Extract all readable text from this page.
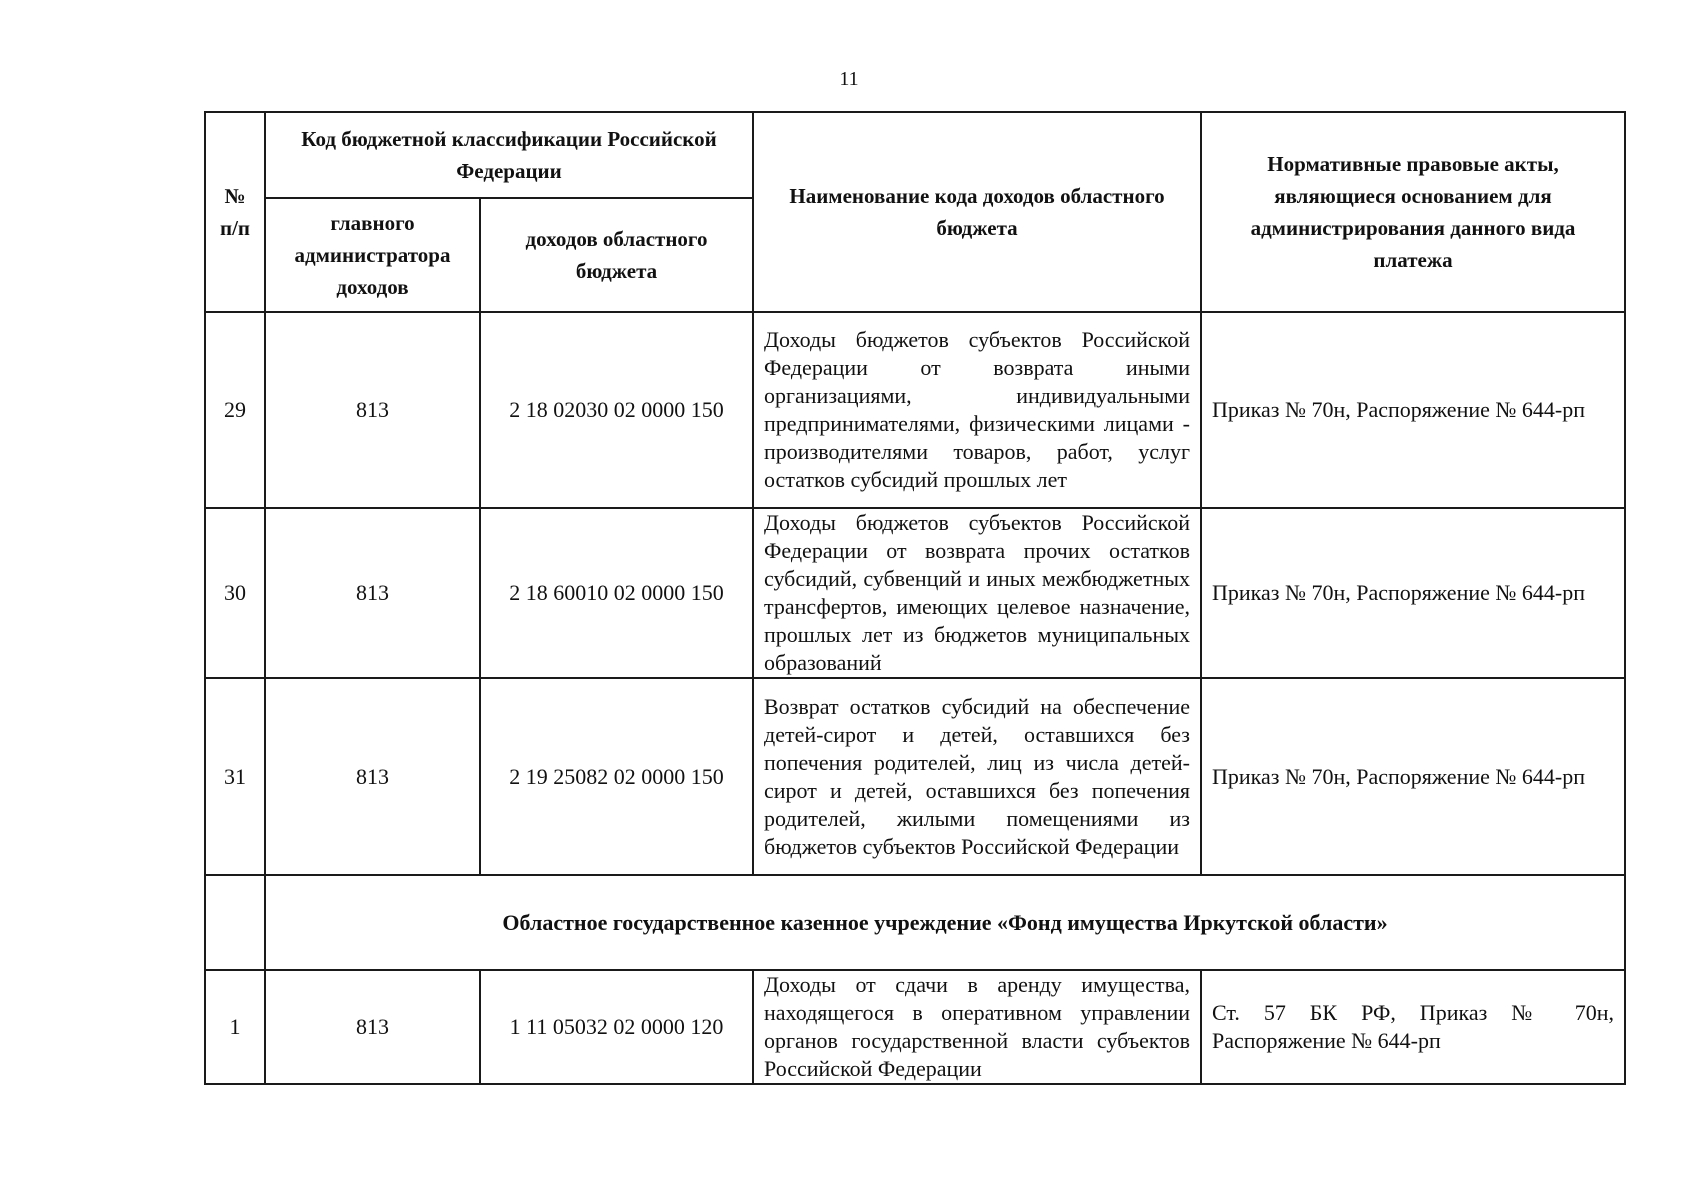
11
№ п/п	Код бюджетной классификации Российской Федерации		Наименование кода доходов областного бюджета	Нормативные правовые акты, являющиеся основанием для администрирования данного вида платежа
	главного администратора доходов	доходов областного бюджета		
29	813	2 18 02030 02 0000 150	Доходы бюджетов субъектов Российской Федерации от возврата иными организациями, индивидуальными предпринимателями, физическими лицами - производителями товаров, работ, услуг остатков субсидий прошлых лет	Приказ № 70н, Распоряжение № 644-рп
30	813	2 18 60010 02 0000 150	Доходы бюджетов субъектов Российской Федерации от возврата прочих остатков субсидий, субвенций и иных межбюджетных трансфертов, имеющих целевое назначение, прошлых лет из бюджетов муниципальных образований	Приказ № 70н, Распоряжение № 644-рп
31	813	2 19 25082 02 0000 150	Возврат остатков субсидий на обеспечение детей-сирот и детей, оставшихся без попечения родителей, лиц из числа детей-сирот и детей, оставшихся без попечения родителей, жилыми помещениями из бюджетов субъектов Российской Федерации	Приказ № 70н, Распоряжение № 644-рп
	Областное государственное казенное учреждение «Фонд имущества Иркутской области»			
1	813	1 11 05032 02 0000 120	Доходы от сдачи в аренду имущества, находящегося в оперативном управлении органов государственной власти субъектов Российской Федерации	Ст. 57 БК РФ, Приказ № 70н, Распоряжение № 644-рп
